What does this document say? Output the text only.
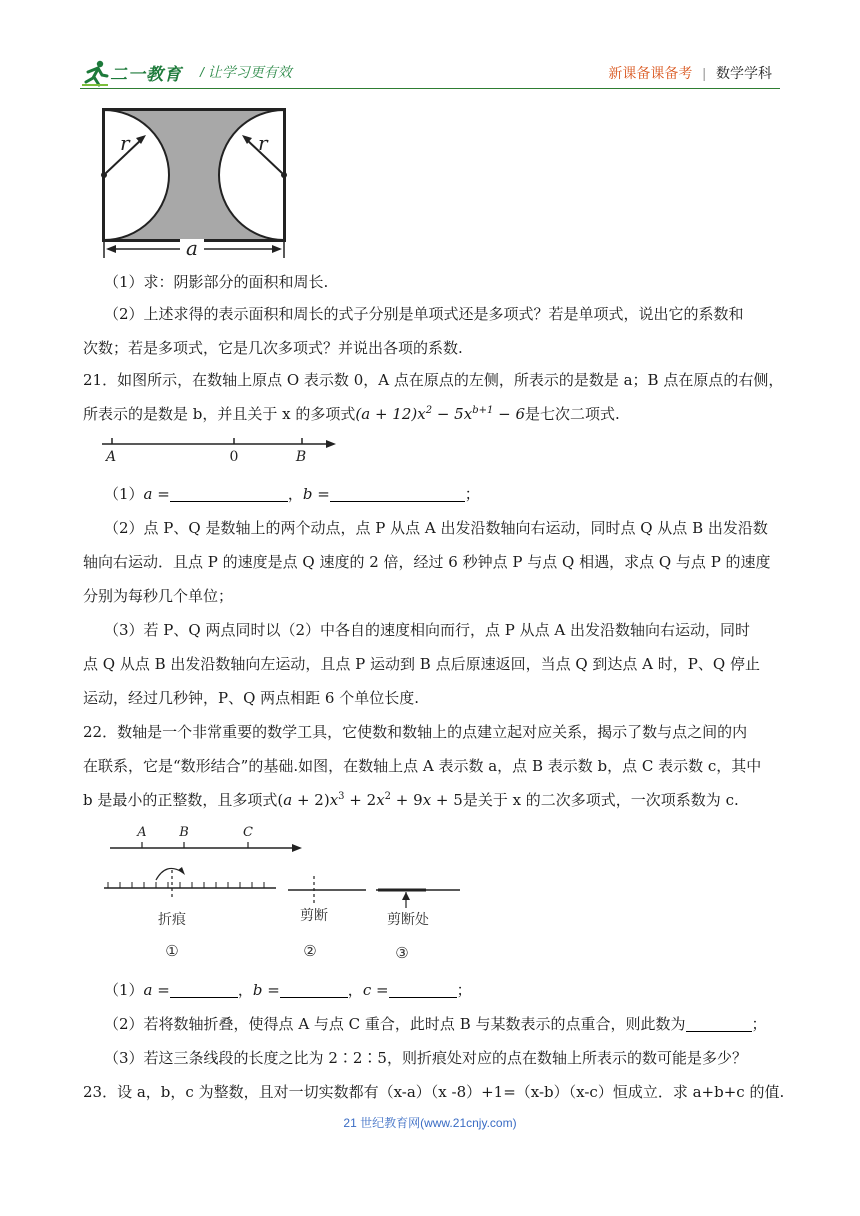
二一教育 / 让学习更有效	新课备课备考 | 数学学科
a
r	r
（1）求：阴影部分的面积和周长.
（2）上述求得的表示面积和周长的式子分别是单项式还是多项式？若是单项式，说出它的系数和
次数；若是多项式，它是几次多项式？并说出各项的系数.
21．如图所示，在数轴上原点 O 表示数 0，A 点在原点的左侧，所表示的是数是 a；B 点在原点的右侧，
所表示的是数是 b，并且关于 x 的多项式$(a + 12)x^2 - 5x^{b+1} - 6$是七次二项式.
A	0	B
（1）a =	，b =	；
（2）点 P、Q 是数轴上的两个动点，点 P 从点 A 出发沿数轴向右运动，同时点 Q 从点 B 出发沿数
轴向右运动．且点 P 的速度是点 Q 速度的 2 倍，经过 6 秒钟点 P 与点 Q 相遇，求点 Q 与点 P 的速度
分别为每秒几个单位；
（3）若 P、Q 两点同时以（2）中各自的速度相向而行，点 P 从点 A 出发沿数轴向右运动，同时
点 Q 从点 B 出发沿数轴向左运动，且点 P 运动到 B 点后原速返回，当点 Q 到达点 A 时，P、Q 停止
运动，经过几秒钟，P、Q 两点相距 6 个单位长度.
22．数轴是一个非常重要的数学工具，它使数和数轴上的点建立起对应关系，揭示了数与点之间的内
在联系，它是“数形结合”的基础.如图，在数轴上点 A 表示数 a，点 B 表示数 b，点 C 表示数 c，其中
b 是最小的正整数，且多项式$(a + 2)x^3 + 2x^2 + 9x + 5$是关于 x 的二次多项式，一次项系数为 c.
A	B	C
折痕
①
剪断
②
剪断处
③
（1）a =	，b =	，c =	；
（2）若将数轴折叠，使得点 A 与点 C 重合，此时点 B 与某数表示的点重合，则此数为	；
（3）若这三条线段的长度之比为 2∶2∶5，则折痕处对应的点在数轴上所表示的数可能是多少？
23．设 a，b，c 为整数，且对一切实数都有（x-a）（x -8）+1=（x-b）（x-c）恒成立．求 a+b+c 的值.
21 世纪教育网(www.21cnjy.com)
